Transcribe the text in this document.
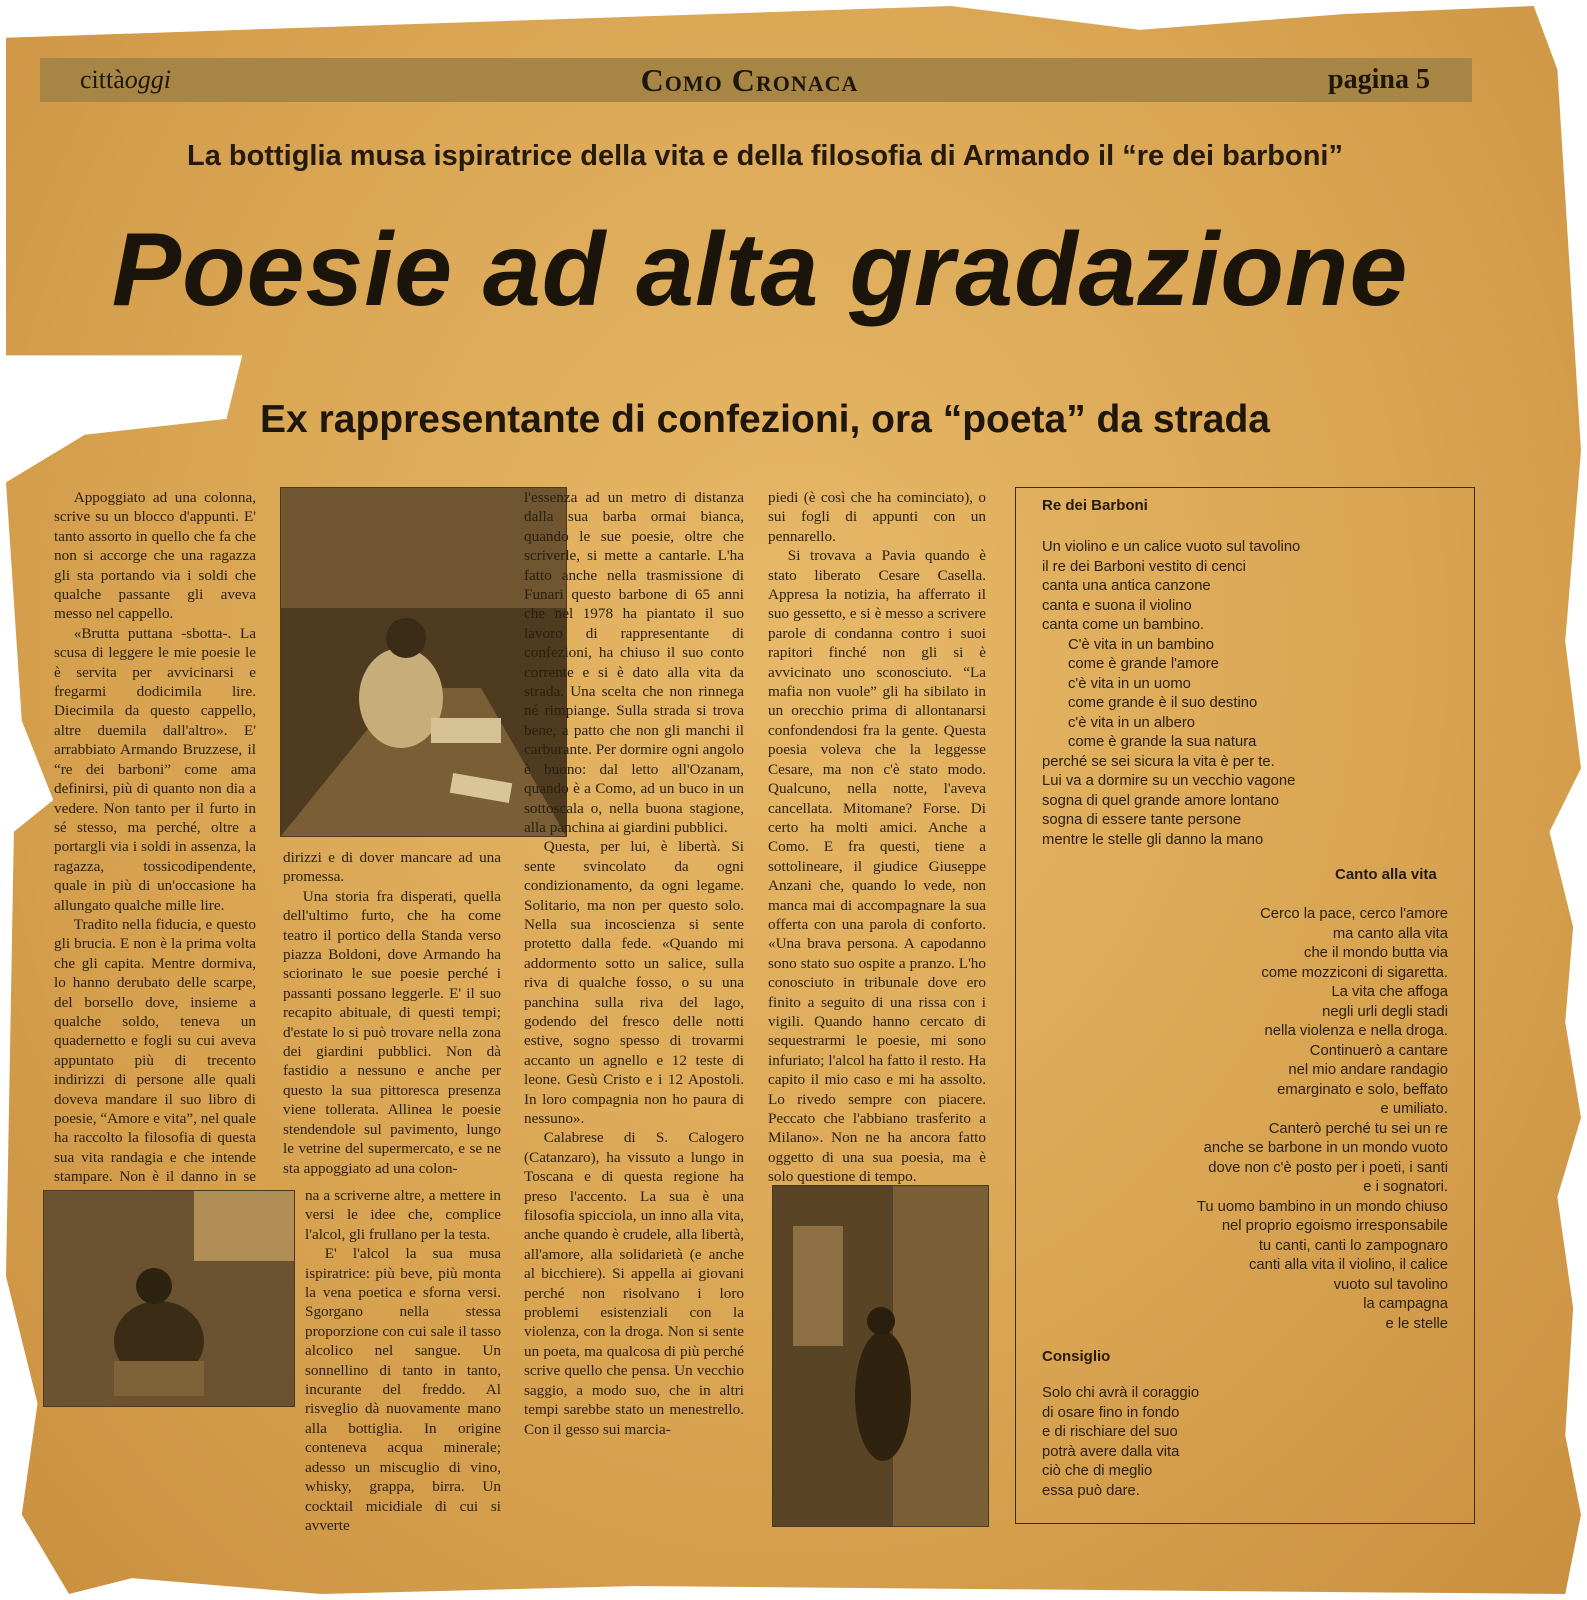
cittàoggi	Como Cronaca	pagina 5
La bottiglia musa ispiratrice della vita e della filosofia di Armando il “re dei barboni”
Poesie ad alta gradazione
Ex rappresentante di confezioni, ora “poeta” da strada

Appoggiato ad una colonna, scrive su un blocco d'appunti. E' tanto assorto in quello che fa che non si accorge che una ragazza gli sta portando via i soldi che qualche passante gli aveva messo nel cappello.

«Brutta puttana -sbotta-. La scusa di leggere le mie poesie le è servita per avvicinarsi e fregarmi dodicimila lire. Diecimila da questo cappello, altre duemila dall'altro». E' arrabbiato Armando Bruzzese, il “re dei barboni” come ama definirsi, più di quanto non dia a vedere. Non tanto per il furto in sé stesso, ma perché, oltre a portargli via i soldi in assenza, la ragazza, tossicodipendente, quale in più di un'occasione ha allungato qualche mille lire.

Tradito nella fiducia, e questo gli brucia. E non è la prima volta che gli capita. Mentre dormiva, lo hanno derubato delle scarpe, del borsello dove, insieme a qualche soldo, teneva un quadernetto e fogli su cui aveva appuntato più di trecento indirizzi di persone alle quali doveva mandare il suo libro di poesie, “Amore e vita”, nel quale ha raccolto la filosofia di questa sua vita randagia e che intende stampare. Non è il danno in se

dirizzi e di dover mancare ad una promessa.

Una storia fra disperati, quella dell'ultimo furto, che ha come teatro il portico della Standa verso piazza Boldoni, dove Armando ha sciorinato le sue poesie perché i passanti possano leggerle. E' il suo recapito abituale, di questi tempi; d'estate lo si può trovare nella zona dei giardini pubblici. Non dà fastidio a nessuno e anche per questo la sua pittoresca presenza viene tollerata. Allinea le poesie stendendole sul pavimento, lungo le vetrine del supermercato, e se ne sta appoggiato ad una colon-

na a scriverne altre, a mettere in versi le idee che, complice l'alcol, gli frullano per la testa.

E' l'alcol la sua musa ispiratrice: più beve, più monta la vena poetica e sforna versi. Sgorgano nella stessa proporzione con cui sale il tasso alcolico nel sangue. Un sonnellino di tanto in tanto, incurante del freddo. Al risveglio dà nuovamente mano alla bottiglia. In origine conteneva acqua minerale; adesso un miscuglio di vino, whisky, grappa, birra. Un cocktail micidiale di cui si avverte

l'essenza ad un metro di distanza dalla sua barba ormai bianca, quando le sue poesie, oltre che scriverle, si mette a cantarle. L'ha fatto anche nella trasmissione di Funari questo barbone di 65 anni che nel 1978 ha piantato il suo lavoro di rappresentante di confezioni, ha chiuso il suo conto corrente e si è dato alla vita da strada. Una scelta che non rinnega né rimpiange. Sulla strada si trova bene, a patto che non gli manchi il carburante. Per dormire ogni angolo è buono: dal letto all'Ozanam, quando è a Como, ad un buco in un sottoscala o, nella buona stagione, alla panchina ai giardini pubblici.

Questa, per lui, è libertà. Si sente svincolato da ogni condizionamento, da ogni legame. Solitario, ma non per questo solo. Nella sua incoscienza si sente protetto dalla fede. «Quando mi addormento sotto un salice, sulla riva di qualche fosso, o su una panchina sulla riva del lago, godendo del fresco delle notti estive, sogno spesso di trovarmi accanto un agnello e 12 teste di leone. Gesù Cristo e i 12 Apostoli. In loro compagnia non ho paura di nessuno».

Calabrese di S. Calogero (Catanzaro), ha vissuto a lungo in Toscana e di questa regione ha preso l'accento. La sua è una filosofia spicciola, un inno alla vita, anche quando è crudele, alla libertà, all'amore, alla solidarietà (e anche al bicchiere). Si appella ai giovani perché non risolvano i loro problemi esistenziali con la violenza, con la droga. Non si sente un poeta, ma qualcosa di più perché scrive quello che pensa. Un vecchio saggio, a modo suo, che in altri tempi sarebbe stato un menestrello. Con il gesso sui marcia-

piedi (è così che ha cominciato), o sui fogli di appunti con un pennarello.

Si trovava a Pavia quando è stato liberato Cesare Casella. Appresa la notizia, ha afferrato il suo gessetto, e si è messo a scrivere parole di condanna contro i suoi rapitori finché non gli si è avvicinato uno sconosciuto. “La mafia non vuole” gli ha sibilato in un orecchio prima di allontanarsi confondendosi fra la gente. Questa poesia voleva che la leggesse Cesare, ma non c'è stato modo. Qualcuno, nella notte, l'aveva cancellata. Mitomane? Forse. Di certo ha molti amici. Anche a Como. E fra questi, tiene a sottolineare, il giudice Giuseppe Anzani che, quando lo vede, non manca mai di accompagnare la sua offerta con una parola di conforto. «Una brava persona. A capodanno sono stato suo ospite a pranzo. L'ho conosciuto in tribunale dove ero finito a seguito di una rissa con i vigili. Quando hanno cercato di sequestrarmi le poesie, mi sono infuriato; l'alcol ha fatto il resto. Ha capito il mio caso e mi ha assolto. Lo rivedo sempre con piacere. Peccato che l'abbiano trasferito a Milano». Non ne ha ancora fatto oggetto di una sua poesia, ma è solo questione di tempo.

Re dei Barboni
Un violino e un calice vuoto sul tavolino
il re dei Barboni vestito di cenci
canta una antica canzone
canta e suona il violino
canta come un bambino.
C'è vita in un bambino
come è grande l'amore
c'è vita in un uomo
come grande è il suo destino
c'è vita in un albero
come è grande la sua natura
perché se sei sicura la vita è per te.
Lui va a dormire su un vecchio vagone
sogna di quel grande amore lontano
sogna di essere tante persone
mentre le stelle gli danno la mano
Canto alla vita
Cerco la pace, cerco l'amore
ma canto alla vita
che il mondo butta via
come mozziconi di sigaretta.
La vita che affoga
negli urli degli stadi
nella violenza e nella droga.
Continuerò a cantare
nel mio andare randagio
emarginato e solo, beffato
e umiliato.
Canterò perché tu sei un re
anche se barbone in un mondo vuoto
dove non c'è posto per i poeti, i santi
e i sognatori.
Tu uomo bambino in un mondo chiuso
nel proprio egoismo irresponsabile
tu canti, canti lo zampognaro
canti alla vita il violino, il calice
vuoto sul tavolino
la campagna
e le stelle
Consiglio
Solo chi avrà il coraggio
di osare fino in fondo
e di rischiare del suo
potrà avere dalla vita
ciò che di meglio
essa può dare.
